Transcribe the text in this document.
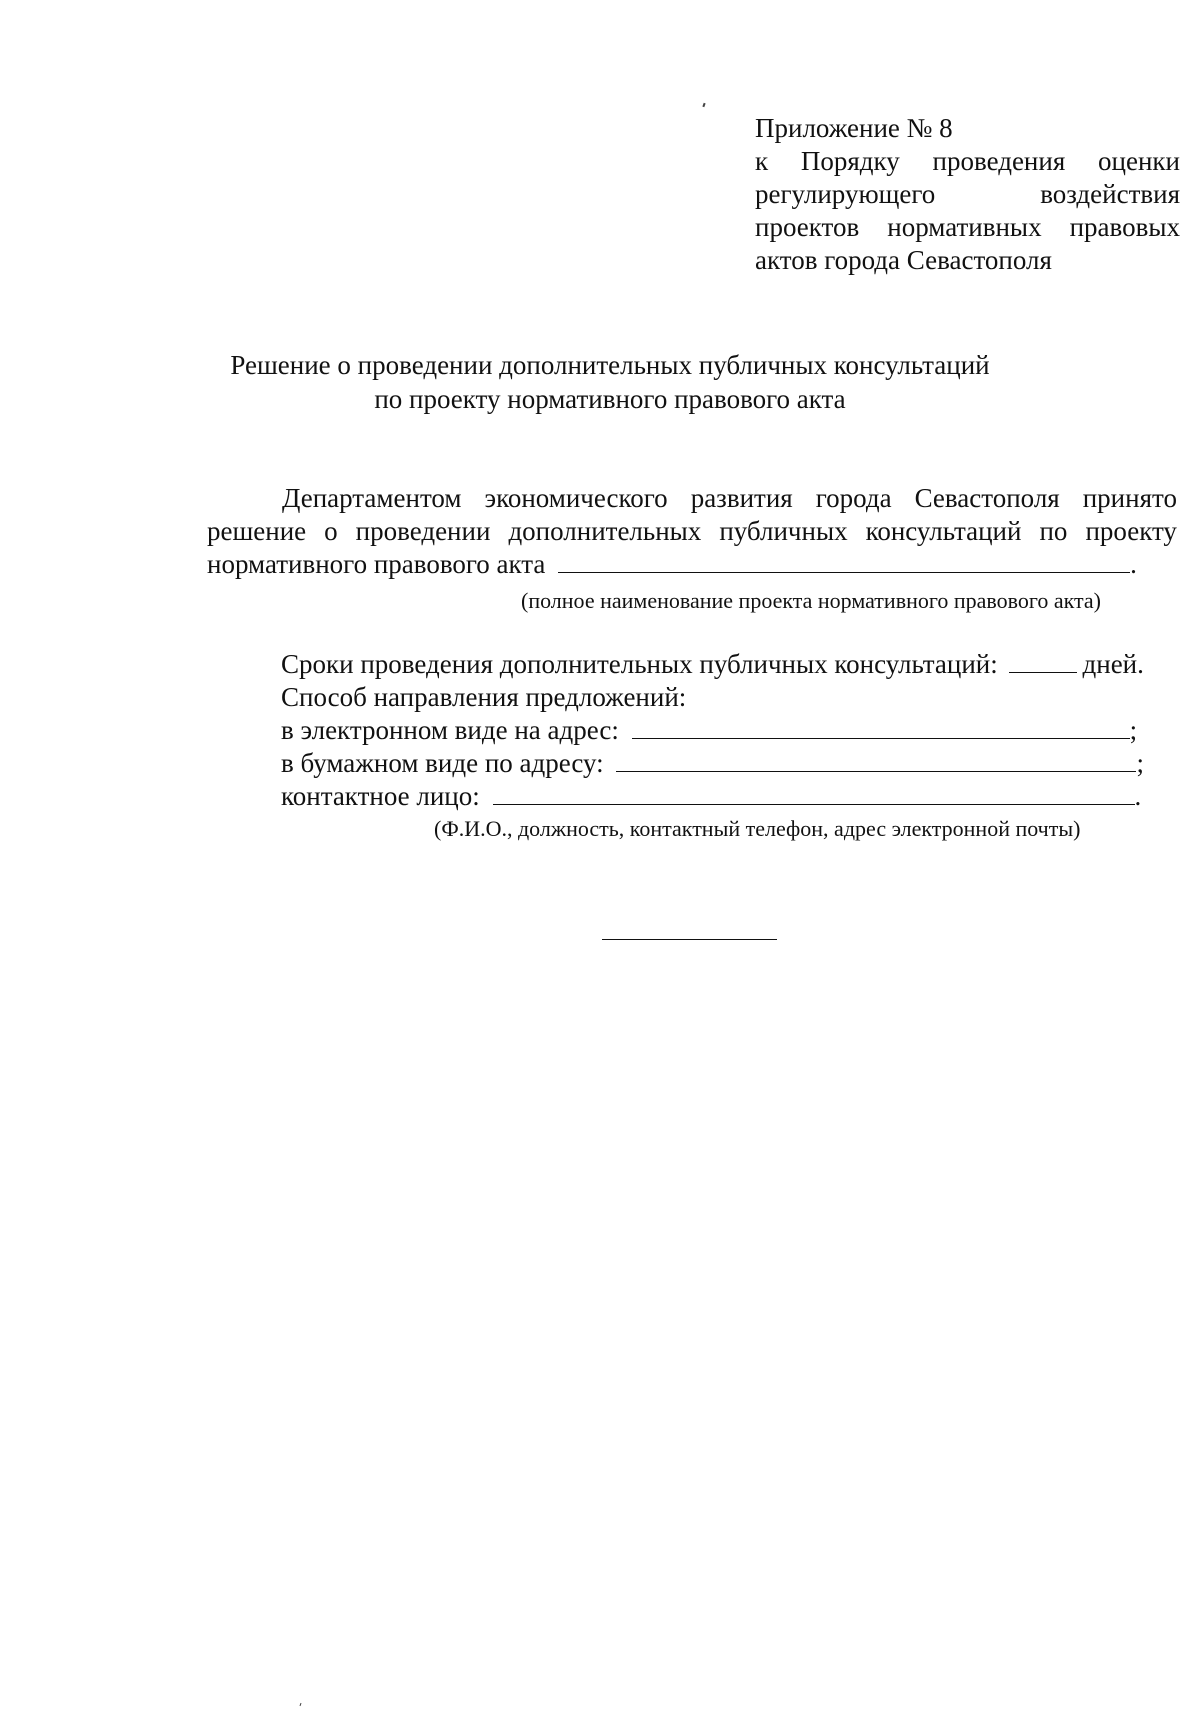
Приложение № 8
к Порядку проведения оценки
регулирующего	воздействия
проектов нормативных правовых
актов города Севастополя
Решение о проведении дополнительных публичных консультаций
по проекту нормативного правового акта
Департаментом экономического развития города Севастополя принято
решение о проведении дополнительных публичных консультаций по проекту
нормативного правового акта	.
(полное наименование проекта нормативного правового акта)
Сроки проведения дополнительных публичных консультаций:	дней.
Способ направления предложений:
в электронном виде на адрес:	;
в бумажном виде по адресу:	;
контактное лицо:	.
(Ф.И.О., должность, контактный телефон, адрес электронной почты)
